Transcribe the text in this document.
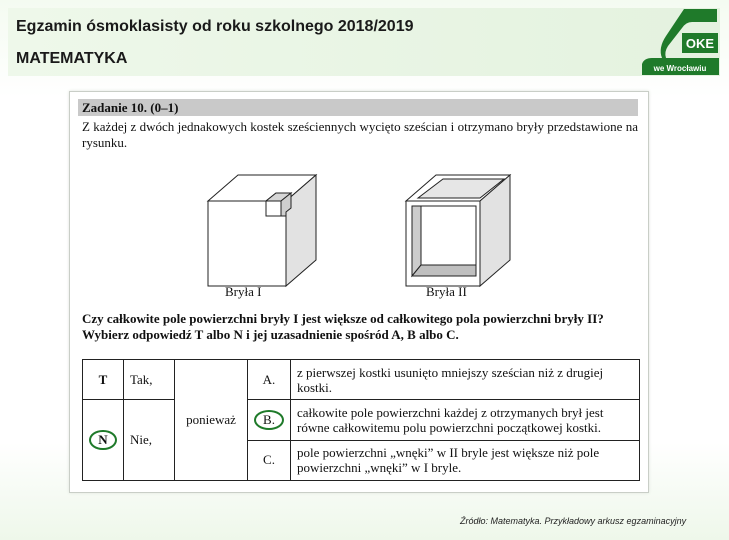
Egzamin ósmoklasisty od roku szkolnego 2018/2019
MATEMATYKA
OKE
we Wrocławiu
Zadanie 10. (0–1)
Z każdej z dwóch jednakowych kostek sześciennych wycięto sześcian i otrzymano bryły przedstawione na rysunku.
Bryła I	Bryła II
Czy całkowite pole powierzchni bryły I jest większe od całkowitego pola powierzchni bryły II? Wybierz odpowiedź T albo N i jej uzasadnienie spośród A, B albo C.
T	Tak,	ponieważ	A.	z pierwszej kostki usunięto mniejszy sześcian niż z drugiej kostki.

N	Nie,		B.	całkowite pole powierzchni każdej z otrzymanych brył jest równe całkowitemu polu powierzchni początkowej kostki.

			C.	pole powierzchni „wnęki” w II bryle jest większe niż pole powierzchni „wnęki” w I bryle.

Źródło: Matematyka. Przykładowy arkusz egzaminacyjny
